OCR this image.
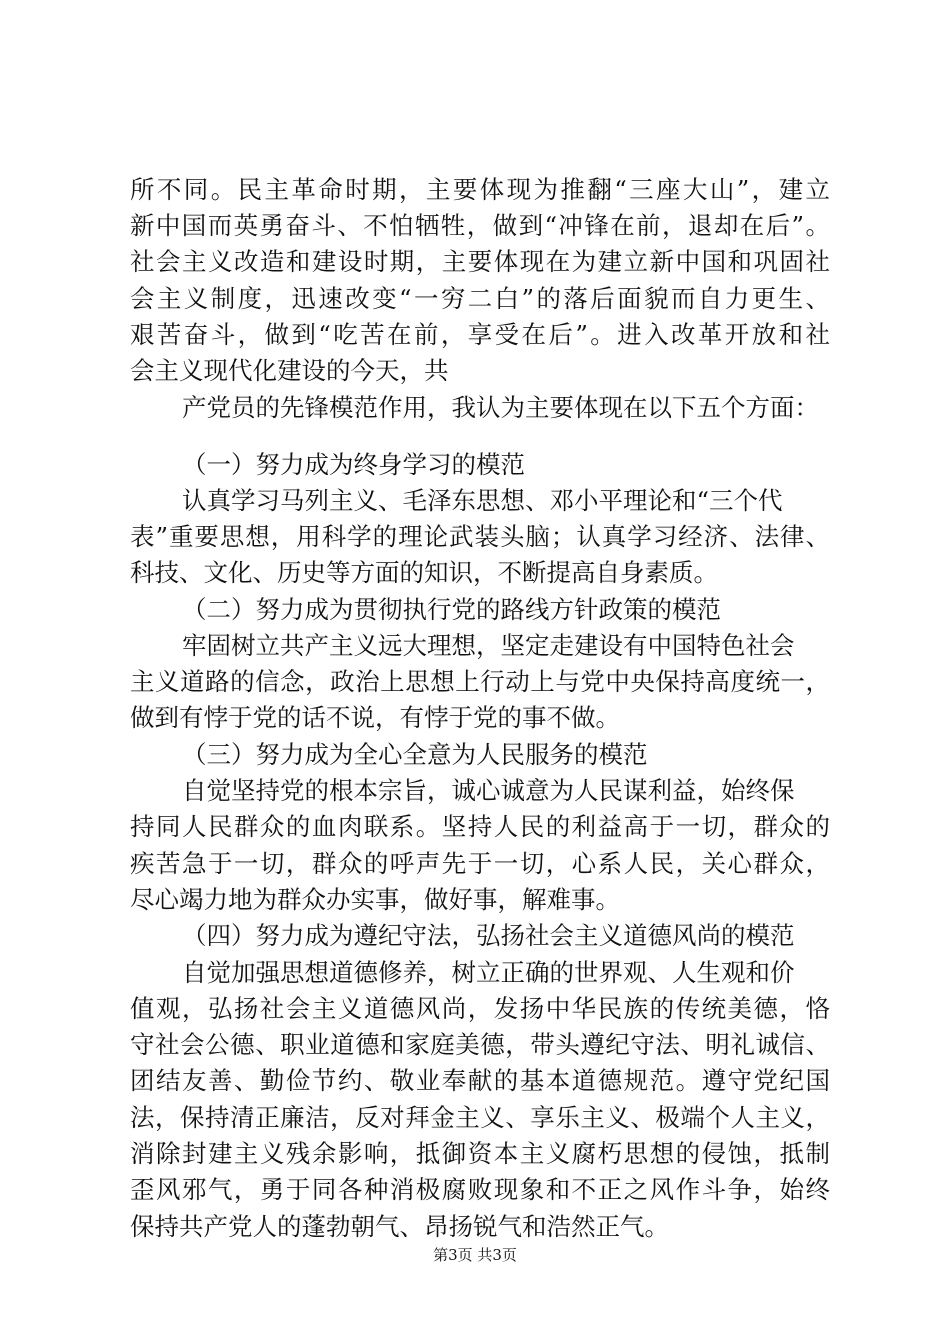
所不同。民主革命时期，主要体现为推翻“三座大山”，建立
新中国而英勇奋斗、不怕牺牲，做到“冲锋在前，退却在后”。
社会主义改造和建设时期，主要体现在为建立新中国和巩固社
会主义制度，迅速改变“一穷二白”的落后面貌而自力更生、
艰苦奋斗，做到“吃苦在前，享受在后”。进入改革开放和社
会主义现代化建设的今天，共
产党员的先锋模范作用，我认为主要体现在以下五个方面：
（一）努力成为终身学习的模范
认真学习马列主义、毛泽东思想、邓小平理论和“三个代
表”重要思想，用科学的理论武装头脑；认真学习经济、法律、
科技、文化、历史等方面的知识，不断提高自身素质。
（二）努力成为贯彻执行党的路线方针政策的模范
牢固树立共产主义远大理想，坚定走建设有中国特色社会
主义道路的信念，政治上思想上行动上与党中央保持高度统一，
做到有悖于党的话不说，有悖于党的事不做。
（三）努力成为全心全意为人民服务的模范
自觉坚持党的根本宗旨，诚心诚意为人民谋利益，始终保
持同人民群众的血肉联系。坚持人民的利益高于一切，群众的
疾苦急于一切，群众的呼声先于一切，心系人民，关心群众，
尽心竭力地为群众办实事，做好事，解难事。
（四）努力成为遵纪守法，弘扬社会主义道德风尚的模范
自觉加强思想道德修养，树立正确的世界观、人生观和价
值观，弘扬社会主义道德风尚，发扬中华民族的传统美德，恪
守社会公德、职业道德和家庭美德，带头遵纪守法、明礼诚信、
团结友善、勤俭节约、敬业奉献的基本道德规范。遵守党纪国
法，保持清正廉洁，反对拜金主义、享乐主义、极端个人主义，
消除封建主义残余影响，抵御资本主义腐朽思想的侵蚀，抵制
歪风邪气，勇于同各种消极腐败现象和不正之风作斗争，始终
保持共产党人的蓬勃朝气、昂扬锐气和浩然正气。
第3页 共3页
